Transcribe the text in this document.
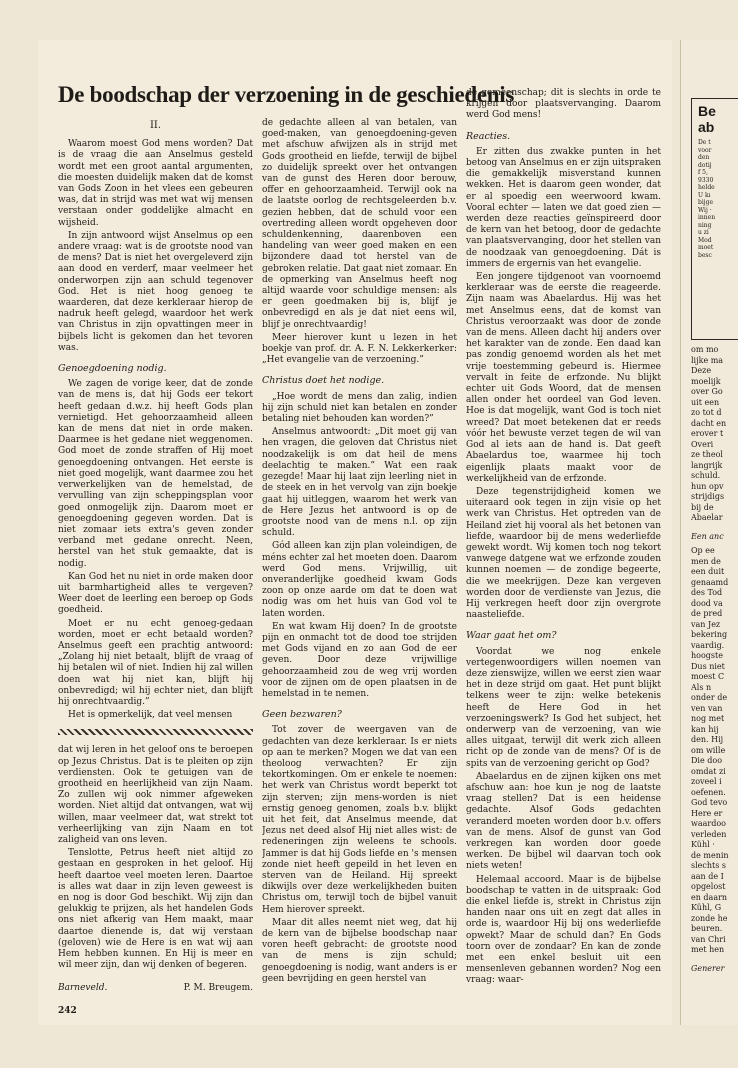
De boodschap der verzoening in de geschiedenis
II.

Waarom moest God mens worden? Dat is de vraag die aan Anselmus gesteld wordt met een groot aantal argumenten, die moesten duidelijk maken dat de komst van Gods Zoon in het vlees een gebeuren was, dat in strijd was met wat wij mensen verstaan onder goddelijke almacht en wijsheid.

In zijn antwoord wijst Anselmus op een andere vraag: wat is de grootste nood van de mens? Dat is niet het overgeleverd zijn aan dood en verderf, maar veelmeer het onderworpen zijn aan schuld tegenover God. Het is niet hoog genoeg te waarderen, dat deze kerkleraar hierop de nadruk heeft gelegd, waardoor het werk van Christus in zijn opvattingen meer in bijbels licht is gekomen dan het tevoren was.

Genoegdoening nodig.

We zagen de vorige keer, dat de zonde van de mens is, dat hij Gods eer tekort heeft gedaan d.w.z. hij heeft Gods plan vernietigd. Het gehoorzaamheid alleen kan de mens dat niet in orde maken. Daarmee is het gedane niet weggenomen. God moet de zonde straffen of Hij moet genoegdoening ontvangen. Het eerste is niet goed mogelijk, want daarmee zou het verwerkelijken van de hemelstad, de vervulling van zijn scheppingsplan voor goed onmogelijk zijn. Daarom moet er genoegdoening gegeven worden. Dat is niet zomaar iets extra's geven zonder verband met gedane onrecht. Neen, herstel van het stuk gemaakte, dat is nodig.

Kan God het nu niet in orde maken door uit barmhartigheid alles te vergeven? Weer doet de leerling een beroep op Gods goedheid.

Moet er nu echt genoeg-gedaan worden, moet er echt betaald worden? Anselmus geeft een prachtig antwoord: „Zolang hij niet betaalt, blijft de vraag of hij betalen wil of niet. Indien hij zal willen doen wat hij niet kan, blijft hij onbevredigd; wil hij echter niet, dan blijft hij onrechtvaardig.”

Het is opmerkelijk, dat veel mensen

dat wij leren in het geloof ons te beroepen op Jezus Christus. Dat is te pleiten op zijn verdiensten. Ook te getuigen van de grootheid en heerlijkheid van zijn Naam. Zo zullen wij ook nimmer afgeweken worden. Niet altijd dat ontvangen, wat wij willen, maar veelmeer dat, wat strekt tot verheerlijking van zijn Naam en tot zaligheid van ons leven.

Tenslotte, Petrus heeft niet altijd zo gestaan en gesproken in het geloof. Hij heeft daartoe veel moeten leren. Daartoe is alles wat daar in zijn leven geweest is en nog is door God beschikt. Wij zijn dan gelukkig te prijzen, als het handelen Gods ons niet afkerig van Hem maakt, maar daartoe dienende is, dat wij verstaan (geloven) wie de Here is en wat wij aan Hem hebben kunnen. En Hij is meer en wil meer zijn, dan wij denken of begeren.

Barneveld.	P. M. Breugem.

de gedachte alleen al van betalen, van goed-maken, van genoegdoening-geven met afschuw afwijzen als in strijd met Gods grootheid en liefde, terwijl de bijbel zo duidelijk spreekt over het ontvangen van de gunst des Heren door berouw, offer en gehoorzaamheid. Terwijl ook na de laatste oorlog de rechtsgeleerden b.v. gezien hebben, dat de schuld voor een overtreding alleen wordt opgeheven door schuldenkenning, daarenboven een handeling van weer goed maken en een bijzondere daad tot herstel van de gebroken relatie. Dat gaat niet zomaar. En de opmerking van Anselmus heeft nog altijd waarde voor schuldige mensen: als er geen goedmaken bij is, blijf je onbevredigd en als je dat niet eens wil, blijf je onrechtvaardig!

Meer hierover kunt u lezen in het boekje van prof. dr. A. F. N. Lekkerkerker: „Het evangelie van de verzoening.”

Christus doet het nodige.

„Hoe wordt de mens dan zalig, indien hij zijn schuld niet kan betalen en zonder betaling niet behouden kan worden?”

Anselmus antwoordt: „Dit moet gij van hen vragen, die geloven dat Christus niet noodzakelijk is om dat heil de mens deelachtig te maken.” Wat een raak gezegde! Maar hij laat zijn leerling niet in de steek en in het vervolg van zijn boekje gaat hij uitleggen, waarom het werk van de Here Jezus het antwoord is op de grootste nood van de mens n.l. op zijn schuld.

Gód alleen kan zijn plan voleindigen, de méns echter zal het moeten doen. Daarom werd God mens. Vrijwillig, uit onveranderlijke goedheid kwam Gods zoon op onze aarde om dat te doen wat nodig was om het huis van God vol te laten worden.

En wat kwam Hij doen? In de grootste pijn en onmacht tot de dood toe strijden met Gods vijand en zo aan God de eer geven. Door deze vrijwillige gehoorzaamheid zou de weg vrij worden voor de zijnen om de open plaatsen in de hemelstad in te nemen.

Geen bezwaren?

Tot zover de weergaven van de gedachten van deze kerkleraar. Is er niets op aan te merken? Mogen we dat van een theoloog verwachten? Er zijn tekortkomingen. Om er enkele te noemen: het werk van Christus wordt beperkt tot zijn sterven; zijn mens-worden is niet ernstig genoeg genomen, zoals b.v. blijkt uit het feit, dat Anselmus meende, dat Jezus net deed alsof Hij niet alles wist: de redeneringen zijn weleens te schools. Jammer is dat hij Gods liefde en 's mensen zonde niet heeft gepeild in het leven en sterven van de Heiland. Hij spreekt dikwijls over deze werkelijkheden buiten Christus om, terwijl toch de bijbel vanuit Hem hierover spreekt.

Maar dit alles neemt niet weg, dat hij de kern van de bijbelse boodschap naar voren heeft gebracht: de grootste nood van de mens is zijn schuld; genoegdoening is nodig, want anders is er geen bevrijding en geen herstel van

de gemeenschap; dit is slechts in orde te krijgen door plaatsvervanging. Daarom werd God mens!

Reacties.

Er zitten dus zwakke punten in het betoog van Anselmus en er zijn uitspraken die gemakkelijk misverstand kunnen wekken. Het is daarom geen wonder, dat er al spoedig een weerwoord kwam. Vooral echter — laten we dat goed zien — werden deze reacties geïnspireerd door de kern van het betoog, door de gedachte van plaatsvervanging, door het stellen van de noodzaak van genoegdoening. Dát is immers de ergernis van het evangelie.

Een jongere tijdgenoot van voornoemd kerkleraar was de eerste die reageerde. Zijn naam was Abaelardus. Hij was het met Anselmus eens, dat de komst van Christus veroorzaakt was door de zonde van de mens. Alleen dacht hij anders over het karakter van de zonde. Een daad kan pas zondig genoemd worden als het met vrije toestemming gebeurd is. Hiermee vervalt in feite de erfzonde. Nu blijkt echter uit Gods Woord, dat de mensen allen onder het oordeel van God leven. Hoe is dat mogelijk, want God is toch niet wreed? Dat moet betekenen dat er reeds vóór het bewuste verzet tegen de wil van God al iets aan de hand is. Dat geeft Abaelardus toe, waarmee hij toch eigenlijk plaats maakt voor de werkelijkheid van de erfzonde.

Deze tegenstrijdigheid komen we uiteraard ook tegen in zijn visie op het werk van Christus. Het optreden van de Heiland ziet hij vooral als het betonen van liefde, waardoor bij de mens wederliefde gewekt wordt. Wij komen toch nog tekort vanwege datgene wat we erfzonde zouden kunnen noemen — de zondige begeerte, die we meekrijgen. Deze kan vergeven worden door de verdienste van Jezus, die Hij verkregen heeft door zijn overgrote naasteliefde.

Waar gaat het om?

Voordat we nog enkele vertegenwoordigers willen noemen van deze zienswijze, willen we eerst zien waar het in deze strijd om gaat. Het punt blijkt telkens weer te zijn: welke betekenis heeft de Here God in het verzoeningswerk? Is God het subject, het onderwerp van de verzoening, van wie alles uitgaat, terwijl dit werk zich alleen richt op de zonde van de mens? Of is de spits van de verzoening gericht op God?

Abaelardus en de zijnen kijken ons met afschuw aan: hoe kun je nog de laatste vraag stellen? Dat is een heidense gedachte. Alsof Gods gedachten veranderd moeten worden door b.v. offers van de mens. Alsof de gunst van God verkregen kan worden door goede werken. De bijbel wil daarvan toch ook niets weten!

Helemaal accoord. Maar is de bijbelse boodschap te vatten in de uitspraak: God die enkel liefde is, strekt in Christus zijn handen naar ons uit en zegt dat alles in orde is, waardoor Hij bij ons wederliefde opwekt? Maar de schuld dan? En Gods toorn over de zondaar? En kan de zonde met een enkel besluit uit een mensenleven gebannen worden? Nog een vraag: waar-

242
Be
ab
De t
voor
den
dotij
f 5,
9330
helde
U kı
bijge
Wij ·
innen
ning
u zi
Mod
moet
besc

om mo

lijke ma

Deze

moelijk

over Go

uit een

zo tot d

dacht en

erover t

Overi

ze theol

langrijk

schuld.

hun opv

strijdigs

bij de

Abaelar

Een anc

Op ee

men de

een duit

genaamd

des Tod

dood va

de pred

van Jez

bekering

vaardig.

hoogste

Dus niet

moest C

Als n

onder de

ven van

nog met

kan hij

den. Hij

om wille

Die doo

omdat zi

zoveel i

oefenen.

God tevo

Here er

waardoo

verleden

Kühl ·

de menin

slechts s

aan de I

opgelost

en daarn

Kühl, G

zonde he

beuren.

van Chri

met hen

Generer
